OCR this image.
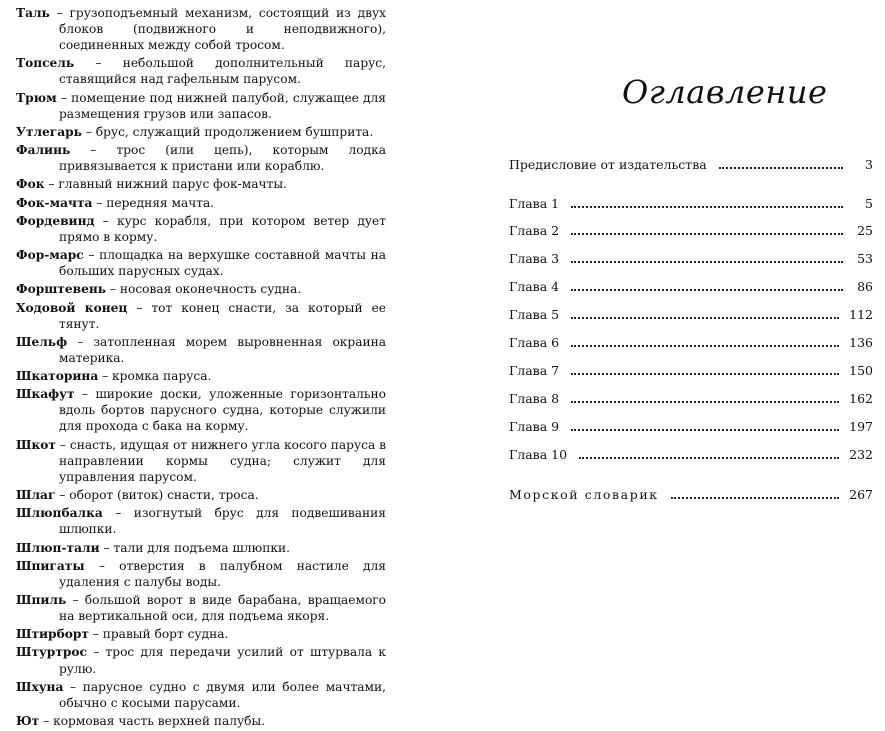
Таль – грузоподъемный механизм, состоящий из двух блоков (подвижного и неподвижного), соединенных между собой тросом.
Топсель – небольшой дополнительный парус, ставящийся над гафельным парусом.
Трюм – помещение под нижней палубой, служащее для размещения грузов или запасов.
Утлегарь – брус, служащий продолжением бушприта.
Фалинь – трос (или цепь), которым лодка привязывается к пристани или кораблю.
Фок – главный нижний парус фок-мачты.
Фок-мачта – передняя мачта.
Фордевинд – курс корабля, при котором ветер дует прямо в корму.
Фор-марс – площадка на верхушке составной мачты на больших парусных судах.
Форштевень – носовая оконечность судна.
Ходовой конец – тот конец снасти, за который ее тянут.
Шельф – затопленная морем выровненная окраина материка.
Шкаторина – кромка паруса.
Шкафут – широкие доски, уложенные горизонтально вдоль бортов парусного судна, которые служили для прохода с бака на корму.
Шкот – снасть, идущая от нижнего угла косого паруса в направлении кормы судна; служит для управления парусом.
Шлаг – оборот (виток) снасти, троса.
Шлюпбалка – изогнутый брус для подвешивания шлюпки.
Шлюп-тали – тали для подъема шлюпки.
Шпигаты – отверстия в палубном настиле для удаления с палубы воды.
Шпиль – большой ворот в виде барабана, вращаемого на вертикальной оси, для подъема якоря.
Штирборт – правый борт судна.
Штуртрос – трос для передачи усилий от штурвала к рулю.
Шхуна – парусное судно с двумя или более мачтами, обычно с косыми парусами.
Ют – кормовая часть верхней палубы.
Оглавление
Предисловие от издательства	3
Глава 1	5
Глава 2	25
Глава 3	53
Глава 4	86
Глава 5	112
Глава 6	136
Глава 7	150
Глава 8	162
Глава 9	197
Глава 10	232
Морской словарик	267
